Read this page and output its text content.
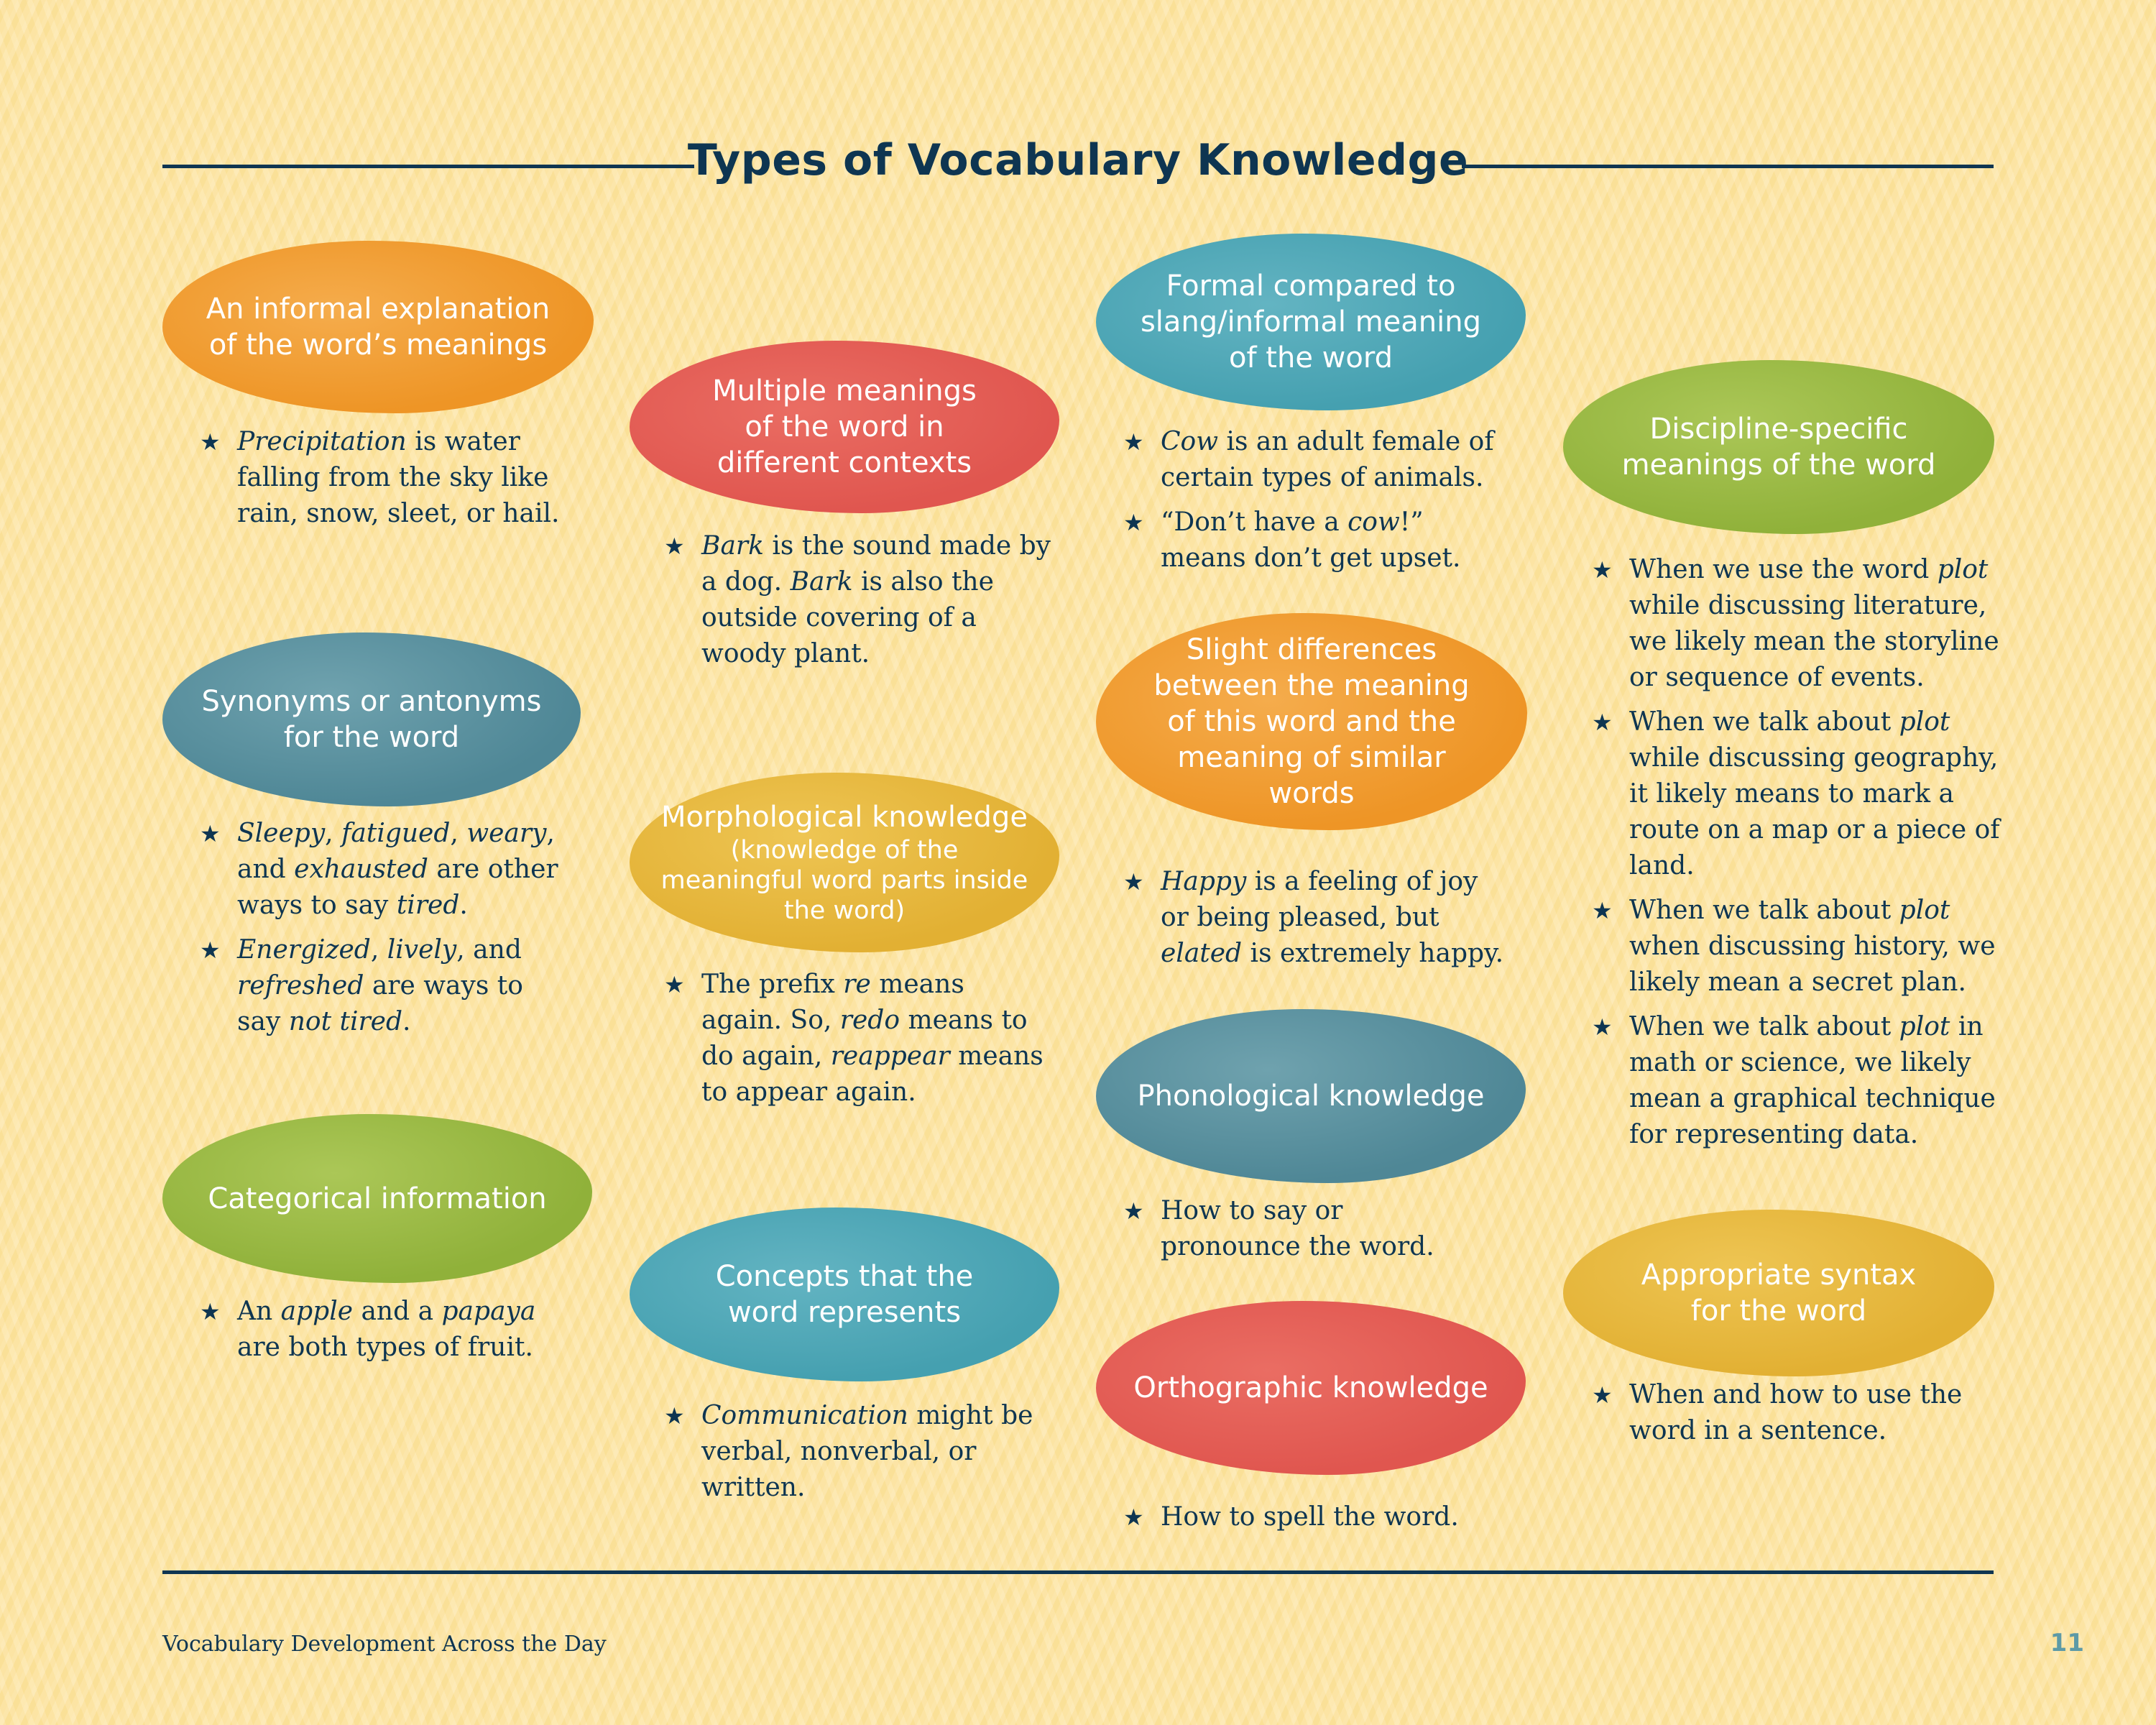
Types of Vocabulary Knowledge
An informal explanation of the word’s meanings
★ Precipitation is water falling from the sky like rain, snow, sleet, or hail.
Synonyms or antonyms for the word
★ Sleepy, fatigued, weary, and exhausted are other ways to say tired.
★ Energized, lively, and refreshed are ways to say not tired.
Categorical information
★ An apple and a papaya are both types of fruit.
Multiple meanings of the word in different contexts
★ Bark is the sound made by a dog. Bark is also the outside covering of a woody plant.
Morphological knowledge
(knowledge of the meaningful word parts inside the word)
★ The prefix re means again. So, redo means to do again, reappear means to appear again.
Concepts that the word represents
★ Communication might be verbal, nonverbal, or written.
Formal compared to slang/informal meaning of the word
★ Cow is an adult female of certain types of animals.
★ “Don’t have a cow!” means don’t get upset.
Slight differences between the meaning of this word and the meaning of similar words
★ Happy is a feeling of joy or being pleased, but elated is extremely happy.
Phonological knowledge
★ How to say or pronounce the word.
Orthographic knowledge
★ How to spell the word.
Discipline-specific meanings of the word
★ When we use the word plot while discussing literature, we likely mean the storyline or sequence of events.
★ When we talk about plot while discussing geography, it likely means to mark a route on a map or a piece of land.
★ When we talk about plot when discussing history, we likely mean a secret plan.
★ When we talk about plot in math or science, we likely mean a graphical technique for representing data.
Appropriate syntax for the word
★ When and how to use the word in a sentence.
Vocabulary Development Across the Day	11
